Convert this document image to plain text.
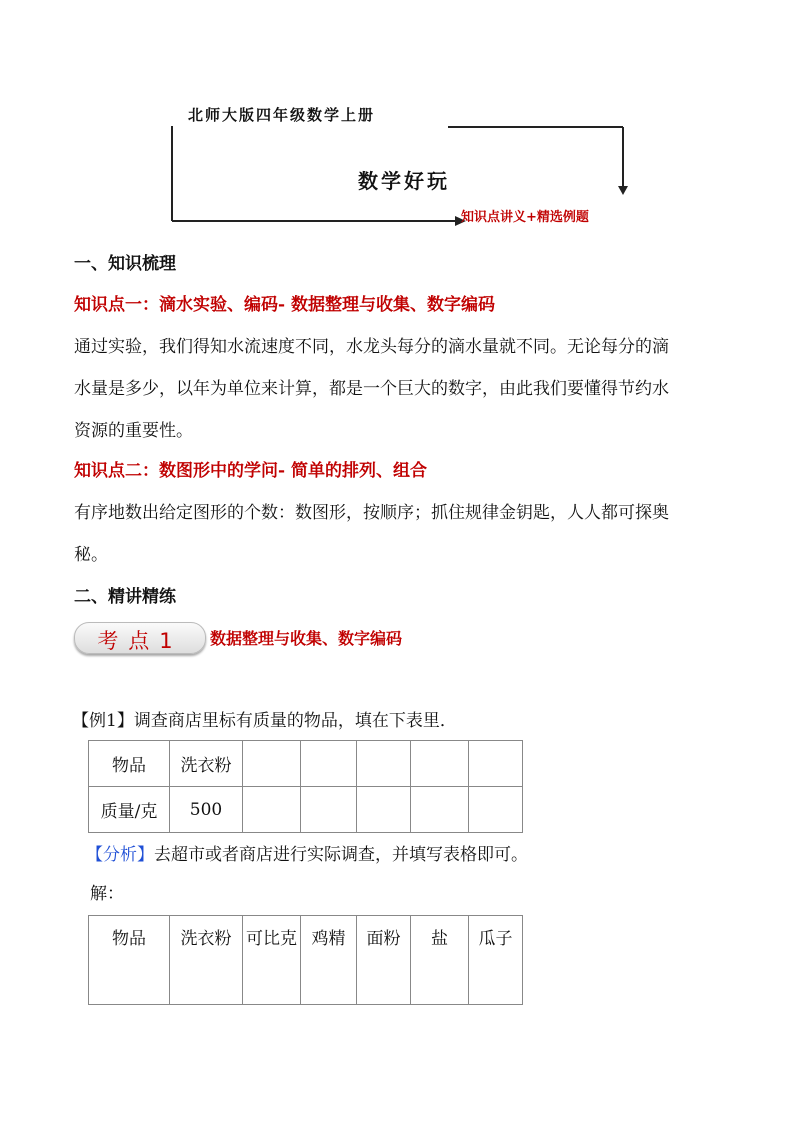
北师大版四年级数学上册
数学好玩
知识点讲义+精选例题

一、知识梳理

知识点一：滴水实验、编码- 数据整理与收集、数字编码

通过实验，我们得知水流速度不同，水龙头每分的滴水量就不同。无论每分的滴

水量是多少，以年为单位来计算，都是一个巨大的数字，由此我们要懂得节约水

资源的重要性。

知识点二：数图形中的学问- 简单的排列、组合

有序地数出给定图形的个数：数图形，按顺序；抓住规律金钥匙，人人都可探奥

秘。

二、精讲精练

考点1	数据整理与收集、数字编码

【例1】调查商店里标有质量的物品，填在下表里．

物品	洗衣粉					
质量/克	500					

【分析】去超市或者商店进行实际调查，并填写表格即可。

解：

物品	洗衣粉	可比克	鸡精	面粉	盐	瓜子
